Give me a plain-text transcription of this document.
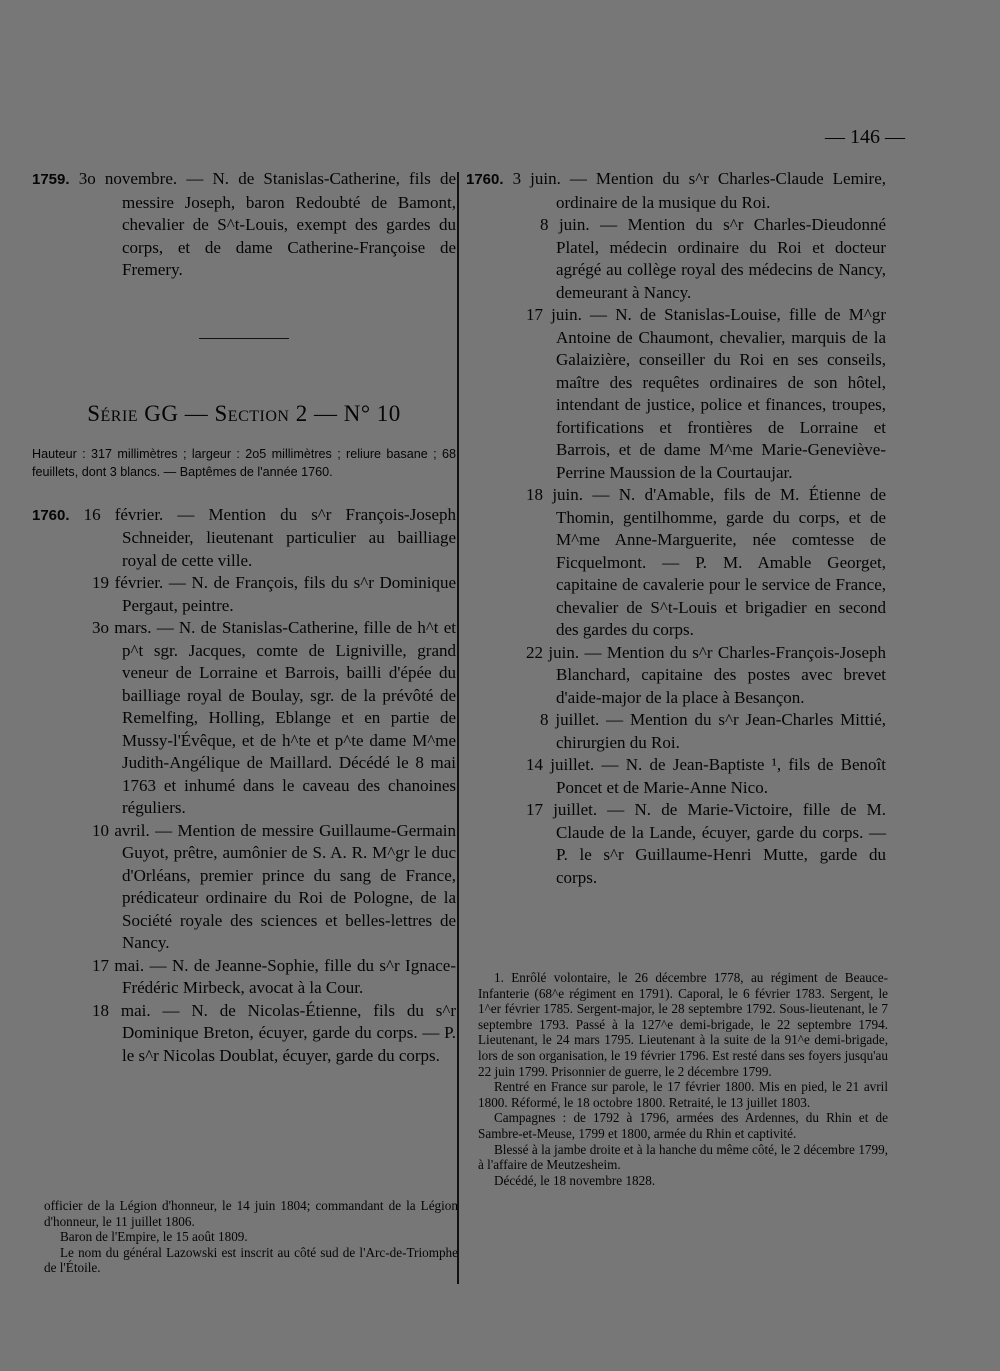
— 146 —

1759. 3o novembre. — N. de Stanislas-Catherine, fils de messire Joseph, baron Redoubté de Bamont, chevalier de S^t-Louis, exempt des gardes du corps, et de dame Catherine-Françoise de Fremery.

Série GG — Section 2 — N° 10

Hauteur : 317 millimètres ; largeur : 2o5 millimètres ; reliure basane ; 68 feuillets, dont 3 blancs. — Baptêmes de l'année 1760.

1760. 16 février. — Mention du s^r François-Joseph Schneider, lieutenant particulier au bailliage royal de cette ville.

19 février. — N. de François, fils du s^r Dominique Pergaut, peintre.

3o mars. — N. de Stanislas-Catherine, fille de h^t et p^t sgr. Jacques, comte de Ligniville, grand veneur de Lorraine et Barrois, bailli d'épée du bailliage royal de Boulay, sgr. de la prévôté de Remelfing, Holling, Eblange et en partie de Mussy-l'Évêque, et de h^te et p^te dame M^me Judith-Angélique de Maillard. Décédé le 8 mai 1763 et inhumé dans le caveau des chanoines réguliers.

10 avril. — Mention de messire Guillaume-Germain Guyot, prêtre, aumônier de S. A. R. M^gr le duc d'Orléans, premier prince du sang de France, prédicateur ordinaire du Roi de Pologne, de la Société royale des sciences et belles-lettres de Nancy.

17 mai. — N. de Jeanne-Sophie, fille du s^r Ignace-Frédéric Mirbeck, avocat à la Cour.

18 mai. — N. de Nicolas-Étienne, fils du s^r Dominique Breton, écuyer, garde du corps. — P. le s^r Nicolas Doublat, écuyer, garde du corps.

officier de la Légion d'honneur, le 14 juin 1804; commandant de la Légion d'honneur, le 11 juillet 1806.

Baron de l'Empire, le 15 août 1809.

Le nom du général Lazowski est inscrit au côté sud de l'Arc-de-Triomphe de l'Étoile.

1760. 3 juin. — Mention du s^r Charles-Claude Lemire, ordinaire de la musique du Roi.

8 juin. — Mention du s^r Charles-Dieudonné Platel, médecin ordinaire du Roi et docteur agrégé au collège royal des médecins de Nancy, demeurant à Nancy.

17 juin. — N. de Stanislas-Louise, fille de M^gr Antoine de Chaumont, chevalier, marquis de la Galaizière, conseiller du Roi en ses conseils, maître des requêtes ordinaires de son hôtel, intendant de justice, police et finances, troupes, fortifications et frontières de Lorraine et Barrois, et de dame M^me Marie-Geneviève-Perrine Maussion de la Courtaujar.

18 juin. — N. d'Amable, fils de M. Étienne de Thomin, gentilhomme, garde du corps, et de M^me Anne-Marguerite, née comtesse de Ficquelmont. — P. M. Amable Georget, capitaine de cavalerie pour le service de France, chevalier de S^t-Louis et brigadier en second des gardes du corps.

22 juin. — Mention du s^r Charles-François-Joseph Blanchard, capitaine des postes avec brevet d'aide-major de la place à Besançon.

8 juillet. — Mention du s^r Jean-Charles Mittié, chirurgien du Roi.

14 juillet. — N. de Jean-Baptiste ¹, fils de Benoît Poncet et de Marie-Anne Nico.

17 juillet. — N. de Marie-Victoire, fille de M. Claude de la Lande, écuyer, garde du corps. — P. le s^r Guillaume-Henri Mutte, garde du corps.

1. Enrôlé volontaire, le 26 décembre 1778, au régiment de Beauce-Infanterie (68^e régiment en 1791). Caporal, le 6 février 1783. Sergent, le 1^er février 1785. Sergent-major, le 28 septembre 1792. Sous-lieutenant, le 7 septembre 1793. Passé à la 127^e demi-brigade, le 22 septembre 1794. Lieutenant, le 24 mars 1795. Lieutenant à la suite de la 91^e demi-brigade, lors de son organisation, le 19 février 1796. Est resté dans ses foyers jusqu'au 22 juin 1799. Prisonnier de guerre, le 2 décembre 1799.

Rentré en France sur parole, le 17 février 1800. Mis en pied, le 21 avril 1800. Réformé, le 18 octobre 1800. Retraité, le 13 juillet 1803.

Campagnes : de 1792 à 1796, armées des Ardennes, du Rhin et de Sambre-et-Meuse, 1799 et 1800, armée du Rhin et captivité.

Blessé à la jambe droite et à la hanche du même côté, le 2 décembre 1799, à l'affaire de Meutzesheim.

Décédé, le 18 novembre 1828.
